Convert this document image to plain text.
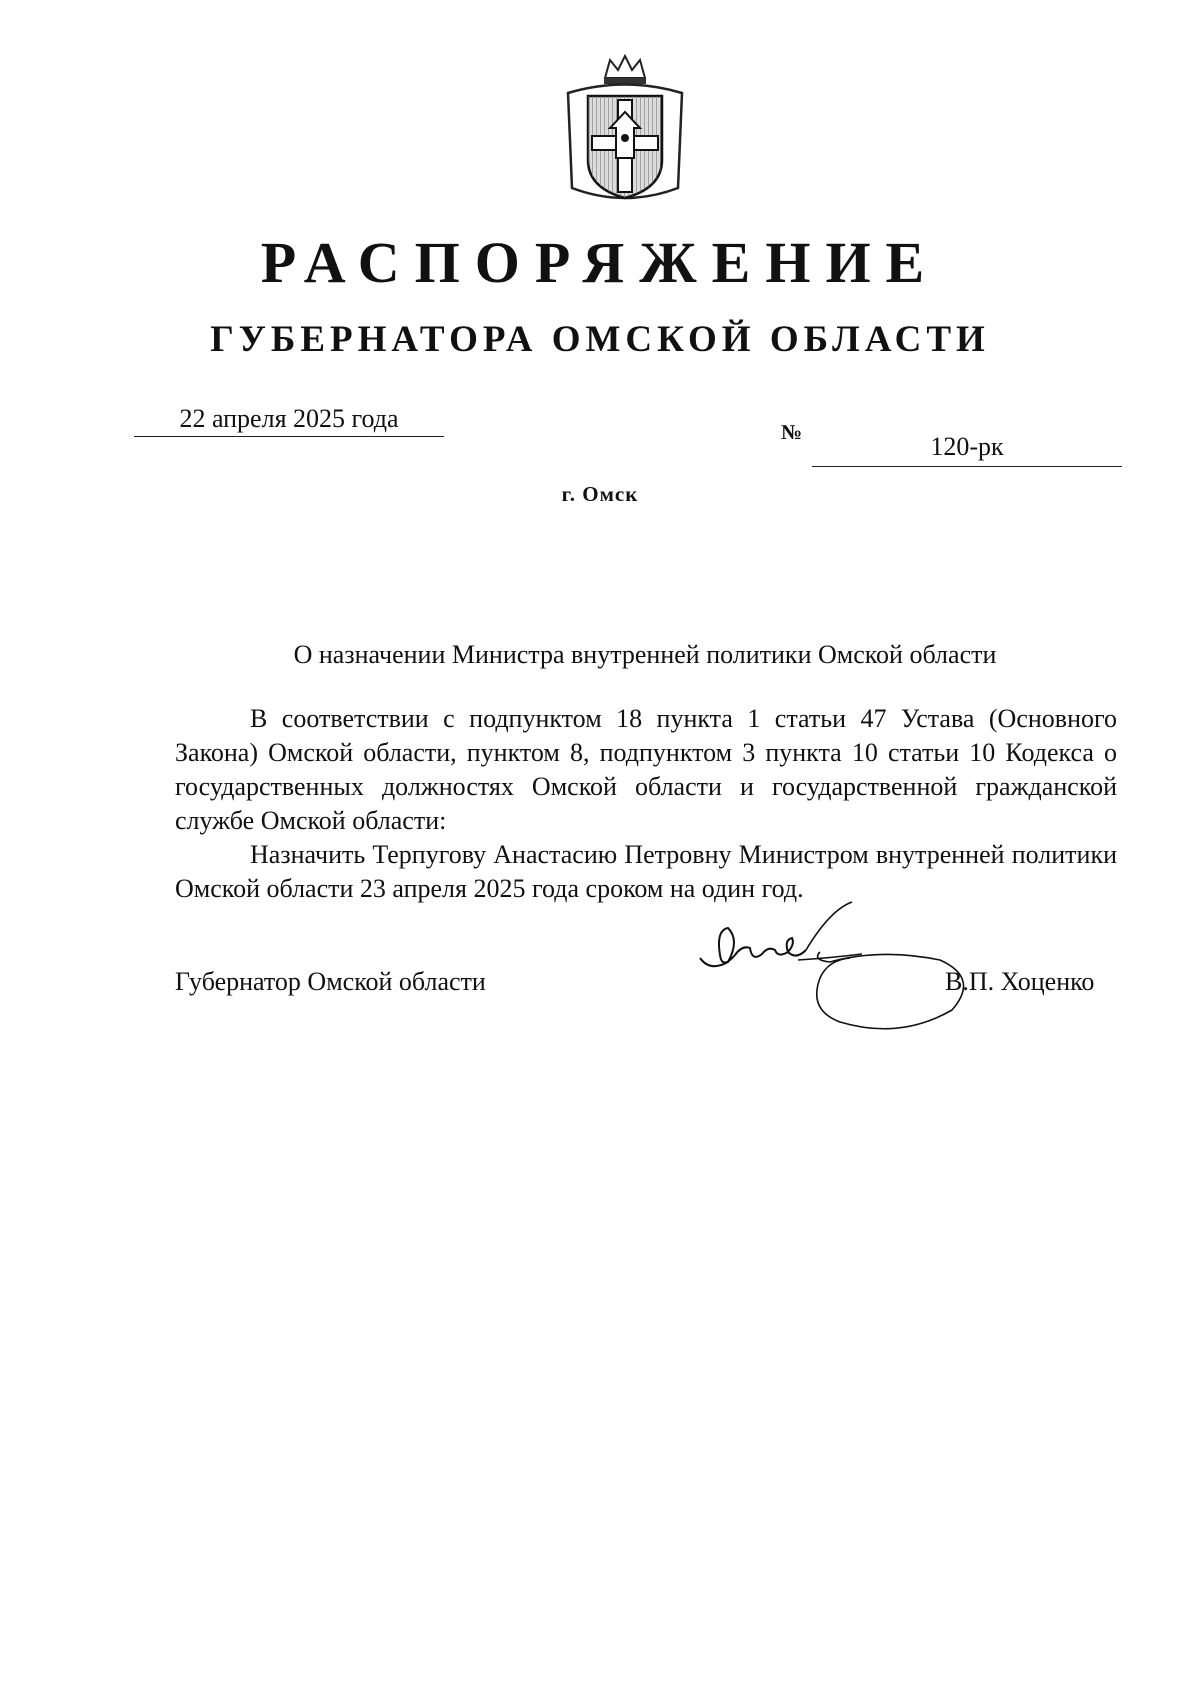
РАСПОРЯЖЕНИЕ
ГУБЕРНАТОРА ОМСКОЙ ОБЛАСТИ
22 апреля 2025 года	№	120-рк
г. Омск
О назначении Министра внутренней политики Омской области

В соответствии с подпунктом 18 пункта 1 статьи 47 Устава (Основного Закона) Омской области, пунктом 8, подпунктом 3 пункта 10 статьи 10 Кодекса о государственных должностях Омской области и государственной гражданской службе Омской области:

Назначить Терпугову Анастасию Петровну Министром внутренней политики Омской области 23 апреля 2025 года сроком на один год.

Губернатор Омской области	В.П. Хоценко
